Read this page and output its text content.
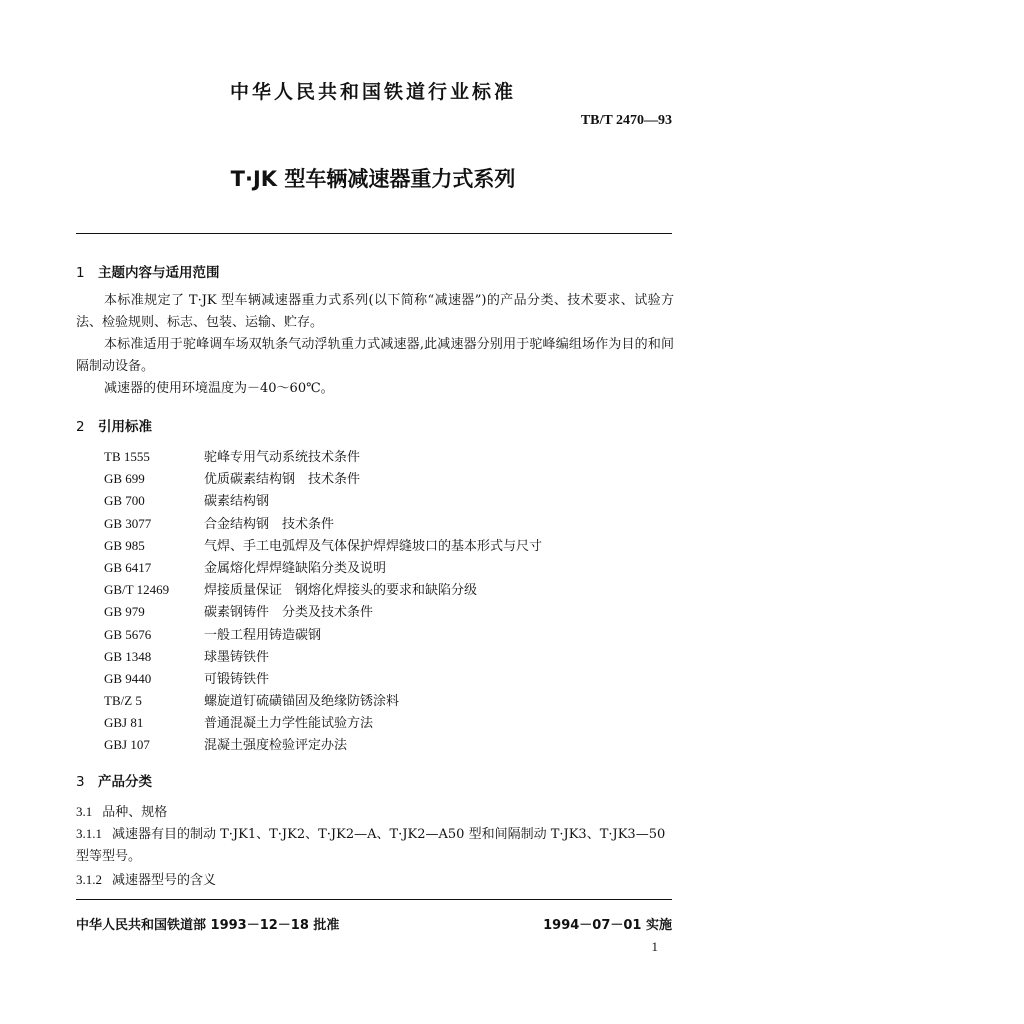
中华人民共和国铁道行业标准
TB/T 2470—93
T·JK 型车辆减速器重力式系列
1 主题内容与适用范围
本标准规定了 T·JK 型车辆减速器重力式系列(以下简称“减速器”)的产品分类、技术要求、试验方法、检验规则、标志、包装、运输、贮存。
本标准适用于驼峰调车场双轨条气动浮轨重力式减速器,此减速器分别用于驼峰编组场作为目的和间隔制动设备。
减速器的使用环境温度为－40～60℃。
2 引用标准
TB 1555	驼峰专用气动系统技术条件
GB 699	优质碳素结构钢　技术条件
GB 700	碳素结构钢
GB 3077	合金结构钢　技术条件
GB 985	气焊、手工电弧焊及气体保护焊焊缝坡口的基本形式与尺寸
GB 6417	金属熔化焊焊缝缺陷分类及说明
GB/T 12469	焊接质量保证　钢熔化焊接头的要求和缺陷分级
GB 979	碳素钢铸件　分类及技术条件
GB 5676	一般工程用铸造碳钢
GB 1348	球墨铸铁件
GB 9440	可锻铸铁件
TB/Z 5	螺旋道钉硫磺锚固及绝缘防锈涂料
GBJ 81	普通混凝土力学性能试验方法
GBJ 107	混凝土强度检验评定办法
3 产品分类
3.1 品种、规格
3.1.1 减速器有目的制动 T·JK1、T·JK2、T·JK2—A、T·JK2—A50 型和间隔制动 T·JK3、T·JK3—50 型等型号。
3.1.2 减速器型号的含义
中华人民共和国铁道部 1993－12－18 批准	1994－07－01 实施
1
